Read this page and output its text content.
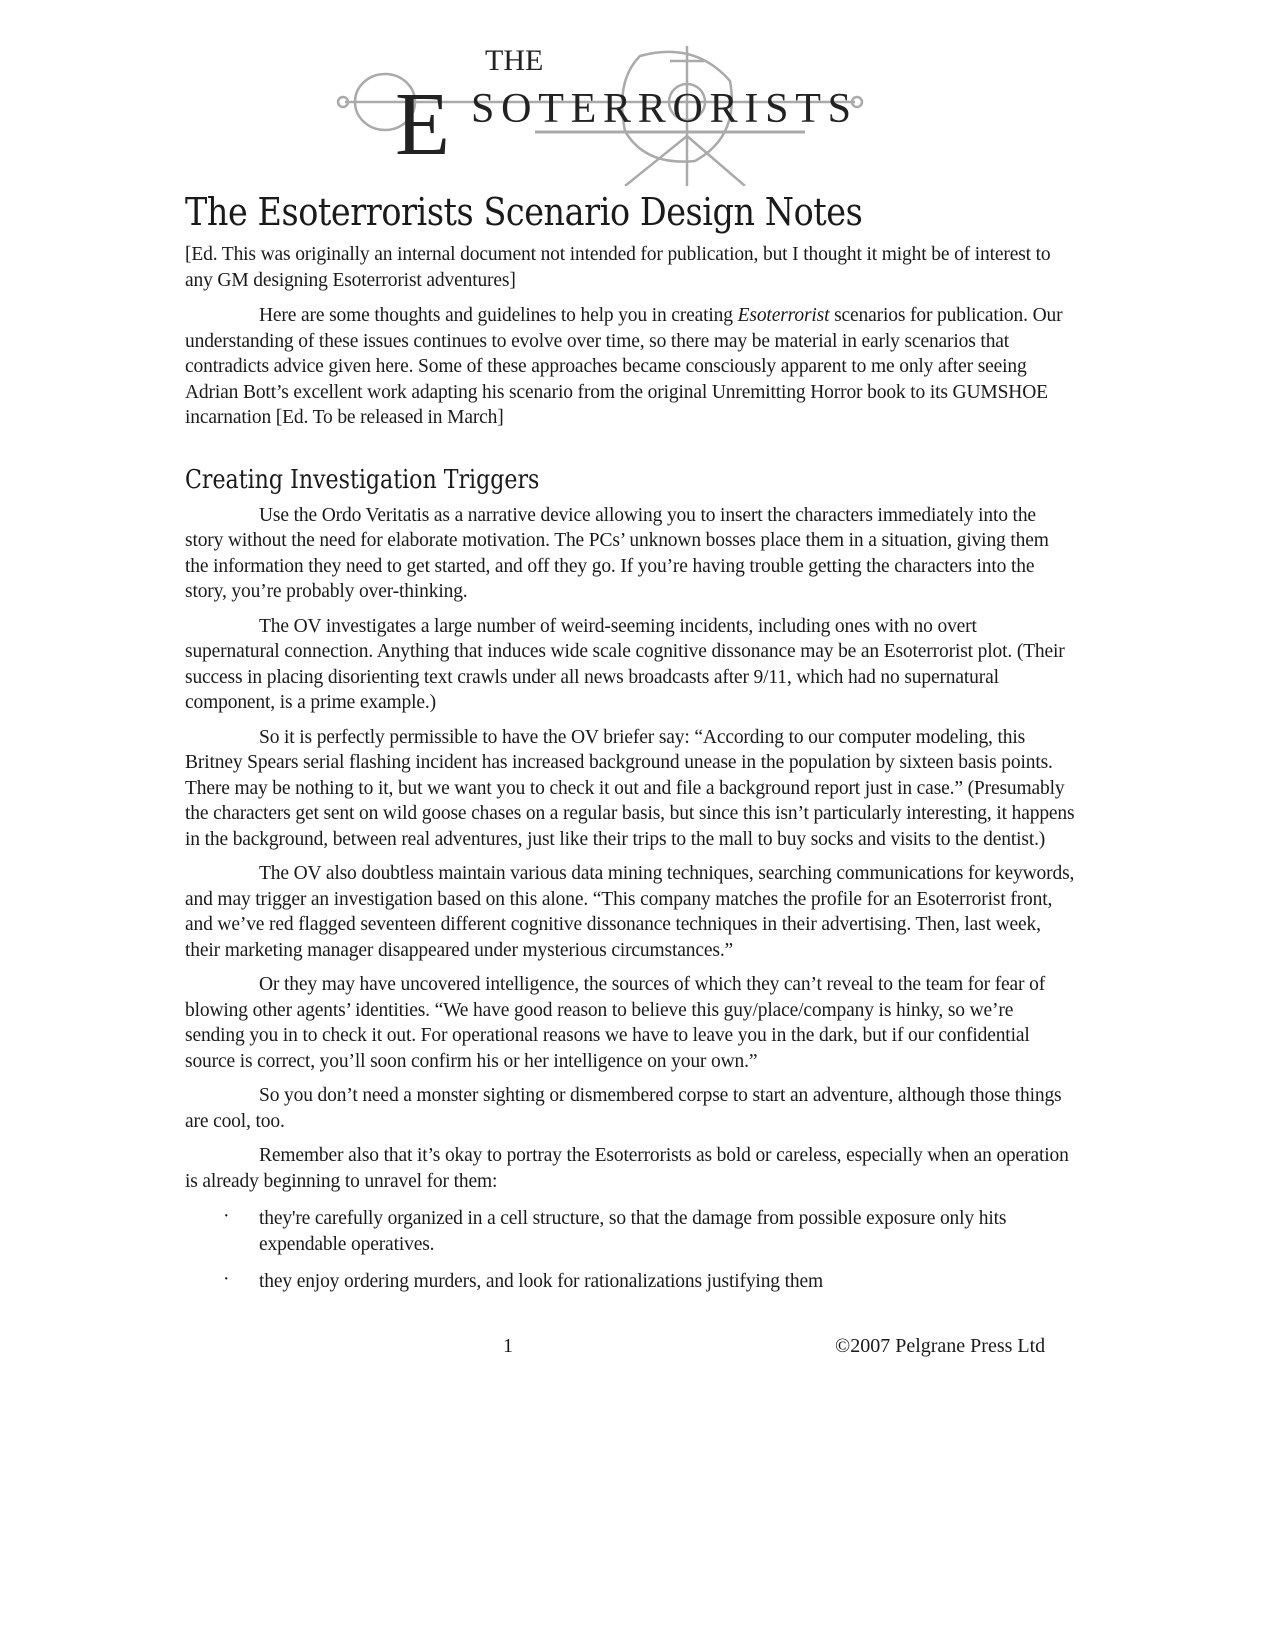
THE
E SOTERRORISTS
The Esoterrorists Scenario Design Notes

[Ed. This was originally an internal document not intended for publication, but I thought it might be of interest to any GM designing Esoterrorist adventures]

Here are some thoughts and guidelines to help you in creating Esoterrorist scenarios for publication. Our understanding of these issues continues to evolve over time, so there may be material in early scenarios that contradicts advice given here. Some of these approaches became consciously apparent to me only after seeing Adrian Bott’s excellent work adapting his scenario from the original Unremitting Horror book to its GUMSHOE incarnation [Ed. To be released in March]

Creating Investigation Triggers

Use the Ordo Veritatis as a narrative device allowing you to insert the characters immediately into the story without the need for elaborate motivation. The PCs’ unknown bosses place them in a situation, giving them the information they need to get started, and off they go. If you’re having trouble getting the characters into the story, you’re probably over-thinking.

The OV investigates a large number of weird-seeming incidents, including ones with no overt supernatural connection. Anything that induces wide scale cognitive dissonance may be an Esoterrorist plot. (Their success in placing disorienting text crawls under all news broadcasts after 9/11, which had no supernatural component, is a prime example.)

So it is perfectly permissible to have the OV briefer say: “According to our computer modeling, this Britney Spears serial flashing incident has increased background unease in the population by sixteen basis points. There may be nothing to it, but we want you to check it out and file a background report just in case.” (Presumably the characters get sent on wild goose chases on a regular basis, but since this isn’t particularly interesting, it happens in the background, between real adventures, just like their trips to the mall to buy socks and visits to the dentist.)

The OV also doubtless maintain various data mining techniques, searching communications for keywords, and may trigger an investigation based on this alone. “This company matches the profile for an Esoterrorist front, and we’ve red flagged seventeen different cognitive dissonance techniques in their advertising. Then, last week, their marketing manager disappeared under mysterious circumstances.”

Or they may have uncovered intelligence, the sources of which they can’t reveal to the team for fear of blowing other agents’ identities. “We have good reason to believe this guy/place/company is hinky, so we’re sending you in to check it out. For operational reasons we have to leave you in the dark, but if our confidential source is correct, you’ll soon confirm his or her intelligence on your own.”

So you don’t need a monster sighting or dismembered corpse to start an adventure, although those things are cool, too.

Remember also that it’s okay to portray the Esoterrorists as bold or careless, especially when an operation is already beginning to unravel for them:

· they're carefully organized in a cell structure, so that the damage from possible exposure only hits expendable operatives.
· they enjoy ordering murders, and look for rationalizations justifying them
1	©2007 Pelgrane Press Ltd
